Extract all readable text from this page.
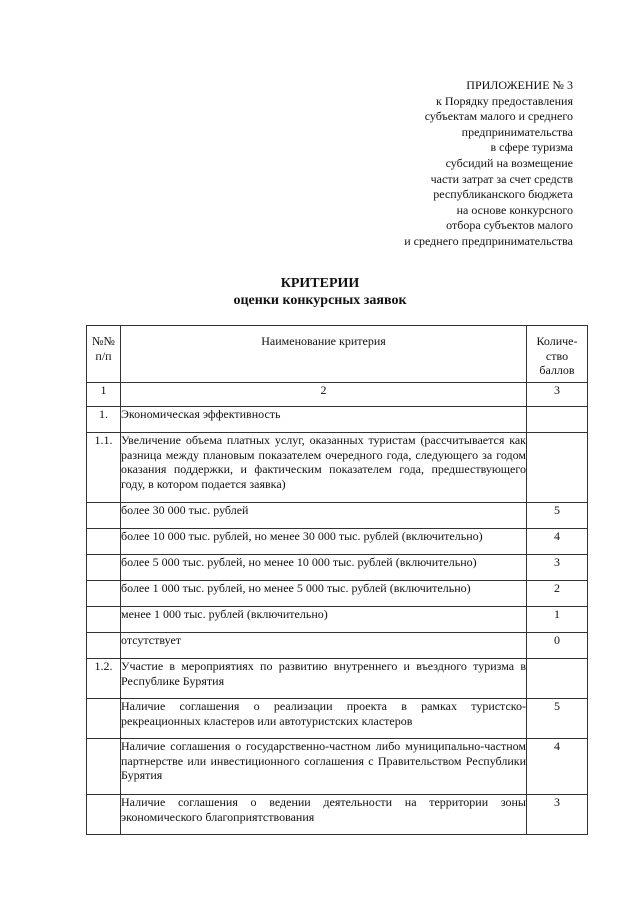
ПРИЛОЖЕНИЕ № 3
к Порядку предоставления
субъектам малого и среднего
предпринимательства
в сфере туризма
субсидий на возмещение
части затрат за счет средств
республиканского бюджета
на основе конкурсного
отбора субъектов малого
и среднего предпринимательства
КРИТЕРИИ
оценки конкурсных заявок
№№ п/п	Наименование критерия	Количе-ство баллов
1	2	3
1.	Экономическая эффективность	
1.1.	Увеличение объема платных услуг, оказанных туристам (рассчитывается как разница между плановым показателем очередного года, следующего за годом оказания поддержки, и фактическим показателем года, предшествующего году, в котором подается заявка)	
	более 30 000 тыс. рублей	5
	более 10 000 тыс. рублей, но менее 30 000 тыс. рублей (включительно)	4
	более 5 000 тыс. рублей, но менее 10 000 тыс. рублей (включительно)	3
	более 1 000 тыс. рублей, но менее 5 000 тыс. рублей (включительно)	2
	менее 1 000 тыс. рублей (включительно)	1
	отсутствует	0
1.2.	Участие в мероприятиях по развитию внутреннего и въездного туризма в Республике Бурятия	
	Наличие соглашения о реализации проекта в рамках туристско-рекреационных кластеров или автотуристских кластеров	5
	Наличие соглашения о государственно-частном либо муниципально-частном партнерстве или инвестиционного соглашения с Правительством Республики Бурятия	4
	Наличие соглашения о ведении деятельности на территории зоны экономического благоприятствования	3
